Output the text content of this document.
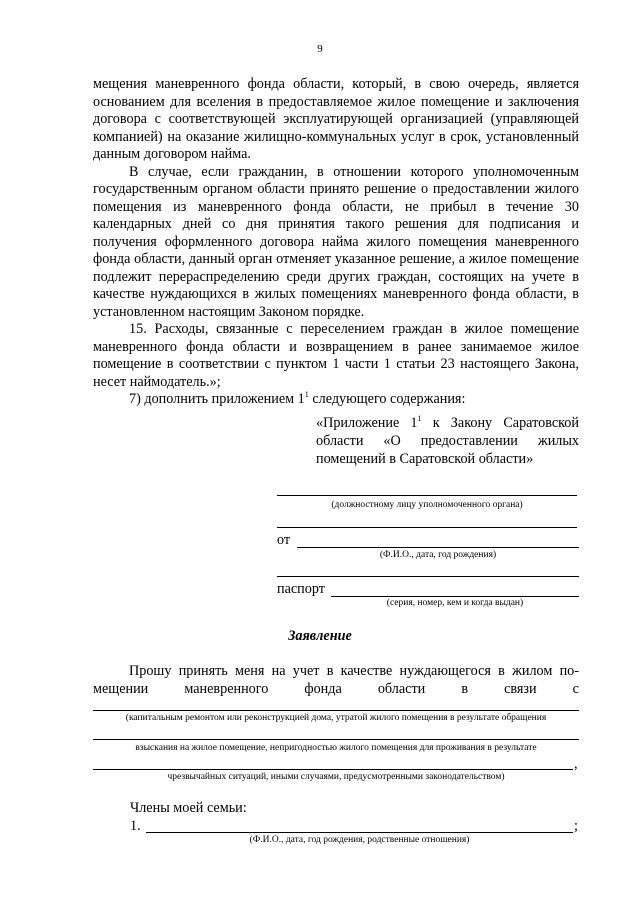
9

мещения маневренного фонда области, который, в свою очередь, является основанием для вселения в предоставляемое жилое помещение и заключения договора с соответствующей эксплуатирующей организацией (управляющей компанией) на оказание жилищно-коммунальных услуг в срок, установленный данным договором найма.

В случае, если гражданин, в отношении которого уполномоченным государственным органом области принято решение о предоставлении жилого помещения из маневренного фонда области, не прибыл в течение 30 календарных дней со дня принятия такого решения для подписания и получения оформленного договора найма жилого помещения маневренного фонда области, данный орган отменяет указанное решение, а жилое помещение подлежит перераспределению среди других граждан, состоящих на учете в качестве нуждающихся в жилых помещениях маневренного фонда области, в установленном настоящим Законом порядке.

15. Расходы, связанные с переселением граждан в жилое помещение маневренного фонда области и возвращением в ранее занимаемое жилое помещение в соответствии с пунктом 1 части 1 статьи 23 настоящего Закона, несет наймодатель.»;

7) дополнить приложением $1^1$ следующего содержания:

«Приложение $1^1$ к Закону Саратовской области «О предоставлении жилых помещений в Саратовской области»
(должностному лицу уполномоченного органа)
от
(Ф.И.О., дата, год рождения)
паспорт
(серия, номер, кем и когда выдан)
Заявление
Прошу принять меня на учет в качестве нуждающегося в жилом по-
мещении	маневренного	фонда	области	в	связи	с
(капитальным ремонтом или реконструкцией дома, утратой жилого помещения в результате обращения
взыскания на жилое помещение, непригодностью жилого помещения для проживания в результате
,
чрезвычайных ситуаций, иными случаями, предусмотренными законодательством)
Члены моей семьи:
1.	;
(Ф.И.О., дата, год рождения, родственные отношения)
